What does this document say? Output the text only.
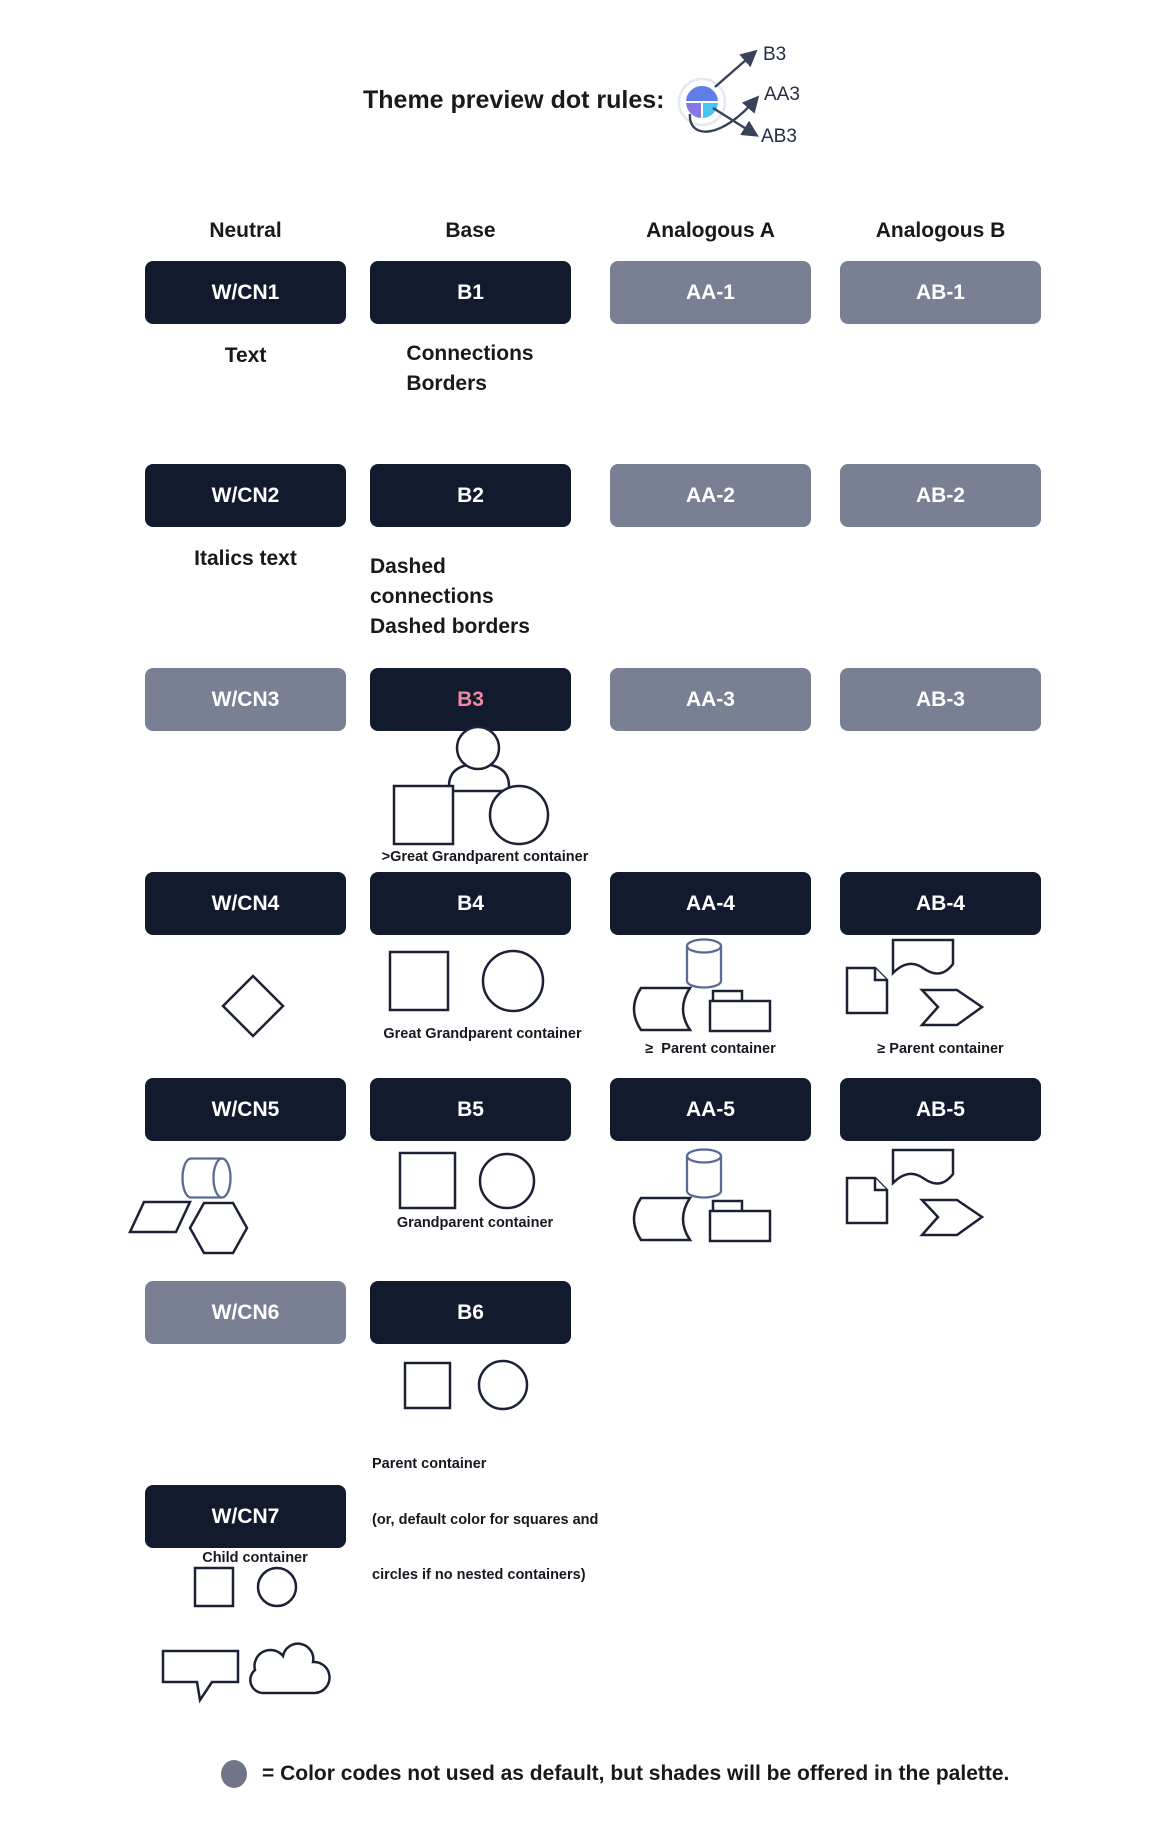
Theme preview dot rules:
B3
AA3
AB3
Neutral	Base	Analogous A	Analogous B
W/CN1	B1	AA-1	AB-1
Text	Connections
Borders
W/CN2	B2	AA-2	AB-2
Italics text	Dashed connections
Dashed borders
W/CN3	B3	AA-3	AB-3
>Great Grandparent container
W/CN4	B4	AA-4	AB-4
Great Grandparent container
≥  Parent container	≥ Parent container
W/CN5	B5	AA-5	AB-5
Grandparent container
W/CN6	B6

Parent container

(or, default color for squares and

circles if no nested containers)

W/CN7
Child container
= Color codes not used as default, but shades will be offered in the palette.
